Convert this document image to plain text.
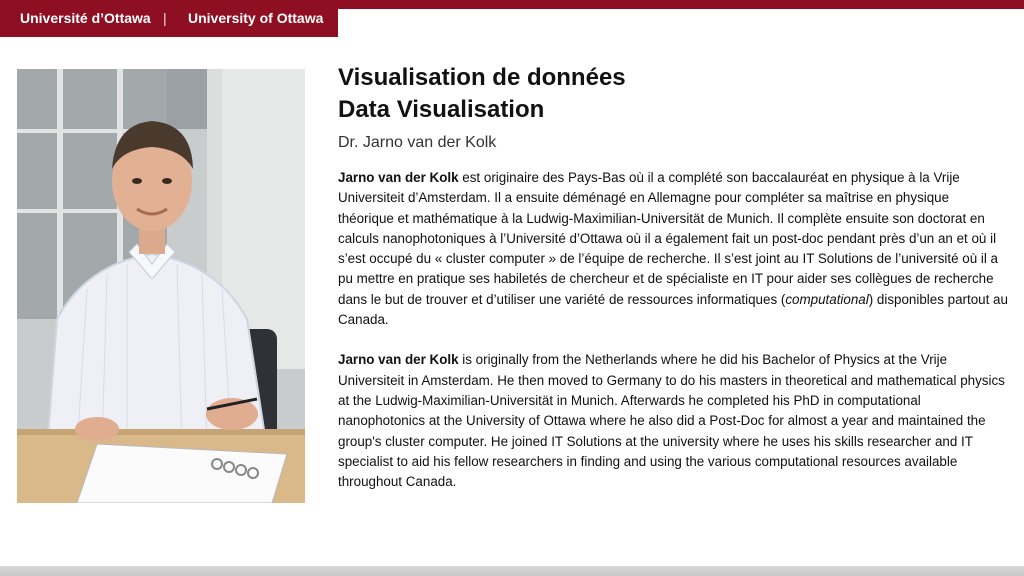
Université d’Ottawa | University of Ottawa
Visualisation de données
Data Visualisation

Dr. Jarno van der Kolk

Jarno van der Kolk est originaire des Pays-Bas où il a complété son baccalauréat en physique à la Vrije Universiteit d’Amsterdam. Il a ensuite déménagé en Allemagne pour compléter sa maîtrise en physique théorique et mathématique à la Ludwig-Maximilian-Universität de Munich. Il complète ensuite son doctorat en calculs nanophotoniques à l’Université d’Ottawa où il a également fait un post-doc pendant près d’un an et où il s’est occupé du « cluster computer » de l’équipe de recherche. Il s’est joint au IT Solutions de l’université où il a pu mettre en pratique ses habiletés de chercheur et de spécialiste en IT pour aider ses collègues de recherche dans le but de trouver et d’utiliser une variété de ressources informatiques (computational) disponibles partout au Canada.

Jarno van der Kolk is originally from the Netherlands where he did his Bachelor of Physics at the Vrije Universiteit in Amsterdam. He then moved to Germany to do his masters in theoretical and mathematical physics at the Ludwig-Maximilian-Universität in Munich. Afterwards he completed his PhD in computational nanophotonics at the University of Ottawa where he also did a Post-Doc for almost a year and maintained the group's cluster computer. He joined IT Solutions at the university where he uses his skills researcher and IT specialist to aid his fellow researchers in finding and using the various computational resources available throughout Canada.
